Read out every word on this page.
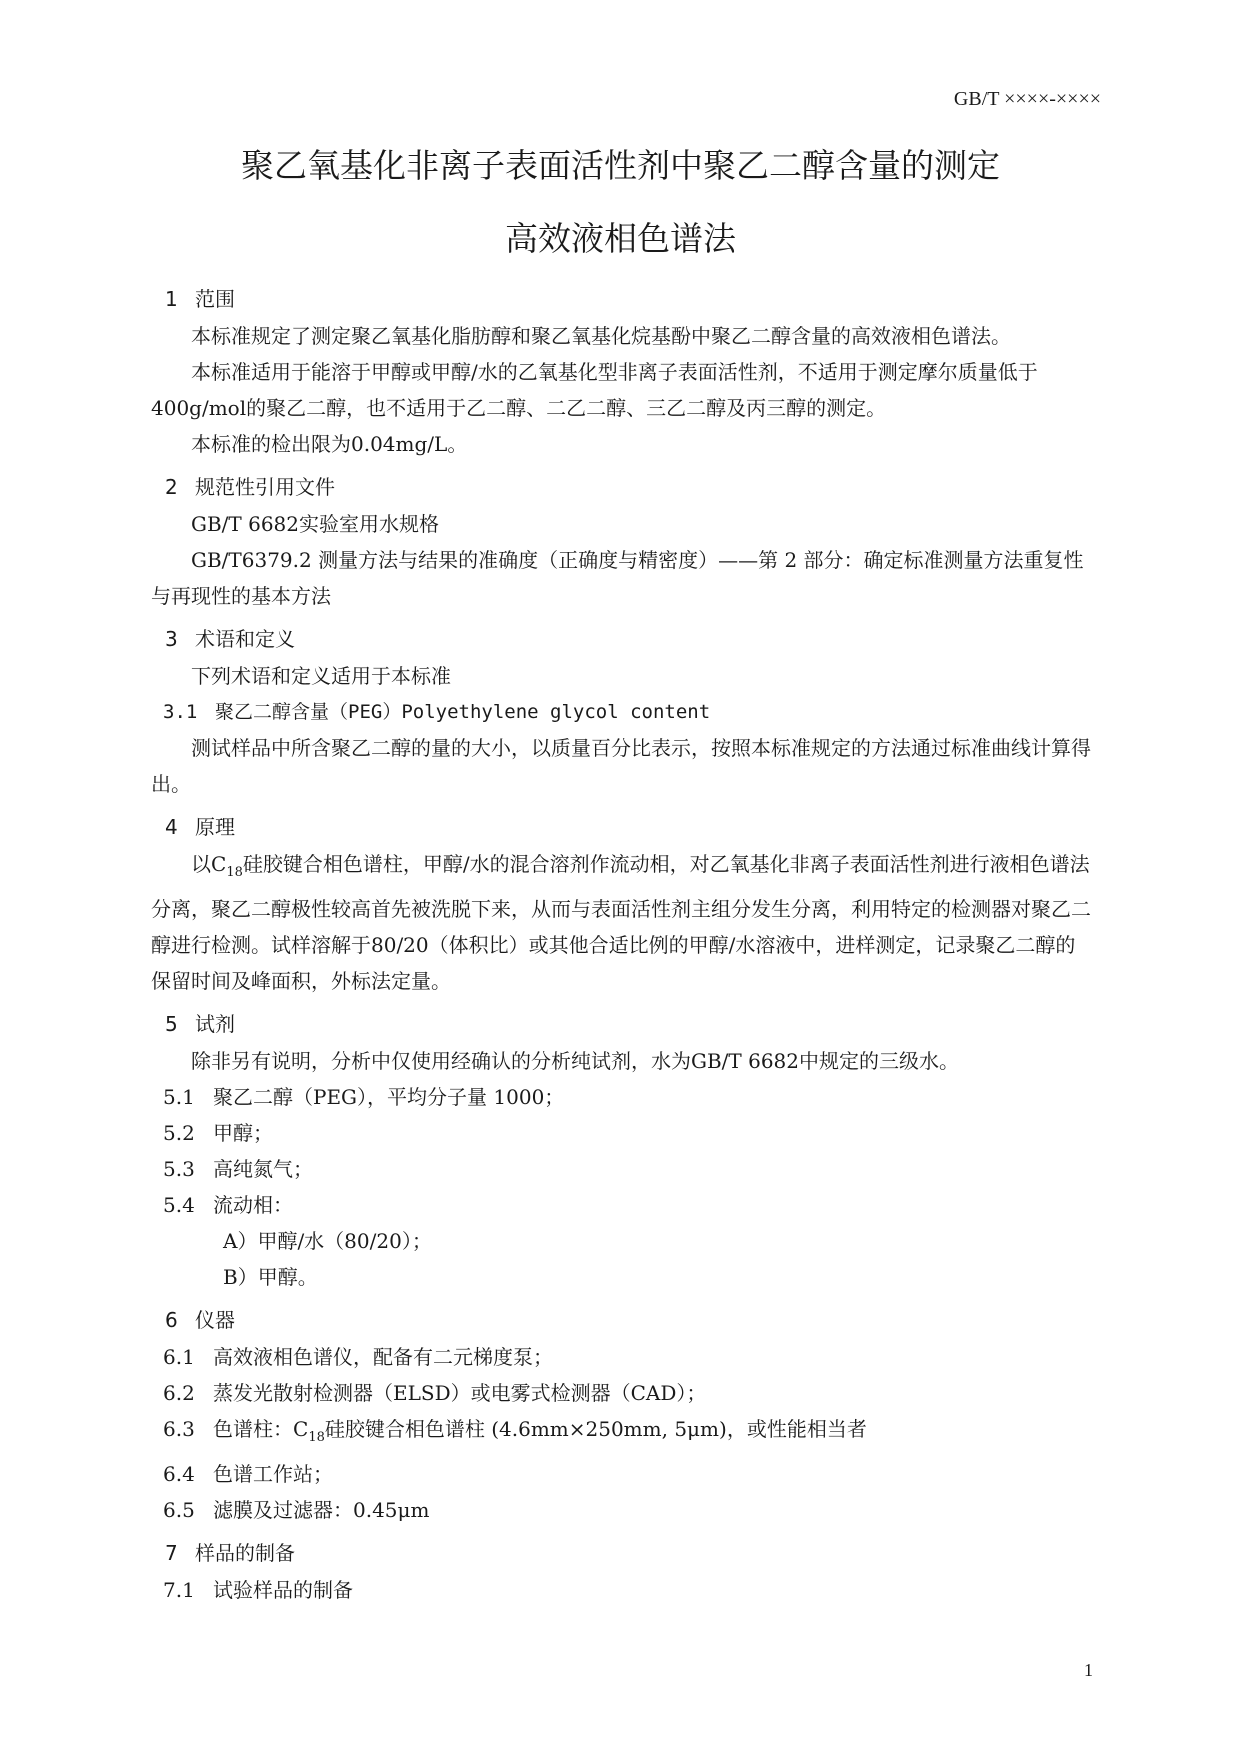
GB/T ××××-××××
聚乙氧基化非离子表面活性剂中聚乙二醇含量的测定
高效液相色谱法
1 范围

本标准规定了测定聚乙氧基化脂肪醇和聚乙氧基化烷基酚中聚乙二醇含量的高效液相色谱法。

本标准适用于能溶于甲醇或甲醇/水的乙氧基化型非离子表面活性剂，不适用于测定摩尔质量低于400g/mol的聚乙二醇，也不适用于乙二醇、二乙二醇、三乙二醇及丙三醇的测定。

本标准的检出限为0.04mg/L。

2 规范性引用文件

GB/T 6682实验室用水规格

GB/T6379.2 测量方法与结果的准确度（正确度与精密度）——第 2 部分：确定标准测量方法重复性与再现性的基本方法

3 术语和定义

下列术语和定义适用于本标准

3.1 聚乙二醇含量（PEG）Polyethylene glycol content

测试样品中所含聚乙二醇的量的大小，以质量百分比表示，按照本标准规定的方法通过标准曲线计算得出。

4 原理

以$C_{18}$硅胶键合相色谱柱，甲醇/水的混合溶剂作流动相，对乙氧基化非离子表面活性剂进行液相色谱法分离，聚乙二醇极性较高首先被洗脱下来，从而与表面活性剂主组分发生分离，利用特定的检测器对聚乙二醇进行检测。试样溶解于80/20（体积比）或其他合适比例的甲醇/水溶液中，进样测定，记录聚乙二醇的保留时间及峰面积，外标法定量。

5 试剂

除非另有说明，分析中仅使用经确认的分析纯试剂，水为GB/T 6682中规定的三级水。

5.1 聚乙二醇（PEG），平均分子量 1000；
5.2 甲醇；
5.3 高纯氮气；
5.4 流动相：
A）甲醇/水（80/20）；
B）甲醇。
6 仪器
6.1 高效液相色谱仪，配备有二元梯度泵；
6.2 蒸发光散射检测器（ELSD）或电雾式检测器（CAD）；
6.3 色谱柱：$C_{18}$硅胶键合相色谱柱 (4.6mm×250mm, 5μm)，或性能相当者
6.4 色谱工作站；
6.5 滤膜及过滤器：0.45μm
7 样品的制备
7.1 试验样品的制备
1
